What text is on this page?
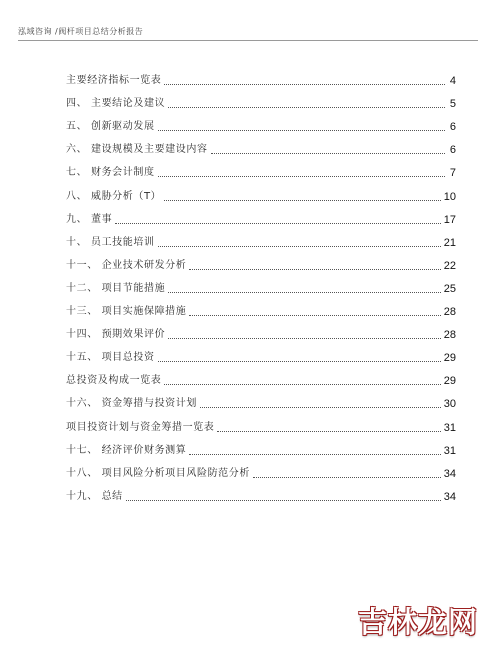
泓域咨询 /阀杆项目总结分析报告
主要经济指标一览表	4
四、 主要结论及建议	5
五、 创新驱动发展	6
六、 建设规模及主要建设内容	6
七、 财务会计制度	7
八、 威胁分析（T）	10
九、 董事	17
十、 员工技能培训	21
十一、 企业技术研发分析	22
十二、 项目节能措施	25
十三、 项目实施保障措施	28
十四、 预期效果评价	28
十五、 项目总投资	29
总投资及构成一览表	29
十六、 资金筹措与投资计划	30
项目投资计划与资金筹措一览表	31
十七、 经济评价财务测算	31
十八、 项目风险分析项目风险防范分析	34
十九、 总结	34
吉林龙网
